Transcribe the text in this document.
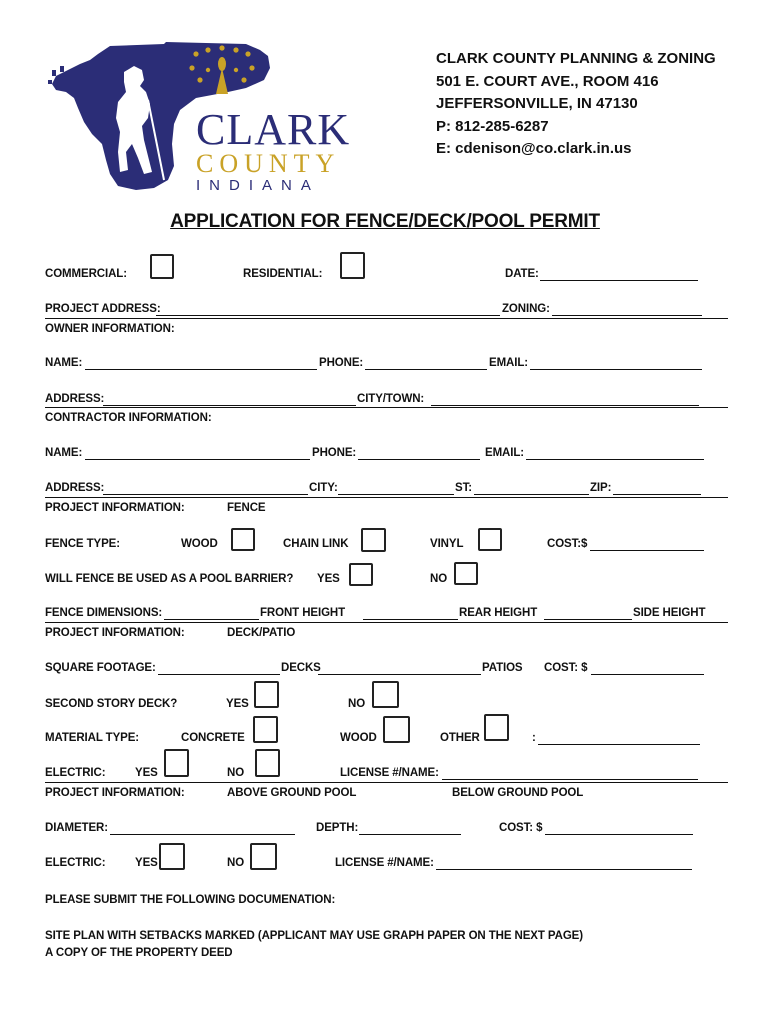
CLARK
COUNTY
INDIANA
CLARK COUNTY PLANNING & ZONING
501 E. COURT AVE., ROOM 416
JEFFERSONVILLE, IN 47130
P: 812-285-6287
E: cdenison@co.clark.in.us
APPLICATION FOR FENCE/DECK/POOL PERMIT
COMMERCIAL:	RESIDENTIAL:	DATE:
PROJECT ADDRESS:	ZONING:
OWNER INFORMATION:
NAME:	PHONE:	EMAIL:
ADDRESS:	CITY/TOWN:
CONTRACTOR INFORMATION:
NAME:	PHONE:	EMAIL:
ADDRESS:	CITY:	ST:	ZIP:
PROJECT INFORMATION:	FENCE
FENCE TYPE:	WOOD	CHAIN LINK	VINYL	COST:$
WILL FENCE BE USED AS A POOL BARRIER? YES	NO
FENCE DIMENSIONS:	FRONT HEIGHT	REAR HEIGHT	SIDE HEIGHT
PROJECT INFORMATION:	DECK/PATIO
SQUARE FOOTAGE:	DECKS	PATIOS COST: $
SECOND STORY DECK?	YES	NO
MATERIAL TYPE:	CONCRETE	WOOD	OTHER	:
ELECTRIC:	YES	NO	LICENSE #/NAME:
PROJECT INFORMATION:	ABOVE GROUND POOL	BELOW GROUND POOL
DIAMETER:	DEPTH:	COST: $
ELECTRIC:	YES	NO	LICENSE #/NAME:
PLEASE SUBMIT THE FOLLOWING DOCUMENATION:
SITE PLAN WITH SETBACKS MARKED (APPLICANT MAY USE GRAPH PAPER ON THE NEXT PAGE)
A COPY OF THE PROPERTY DEED
